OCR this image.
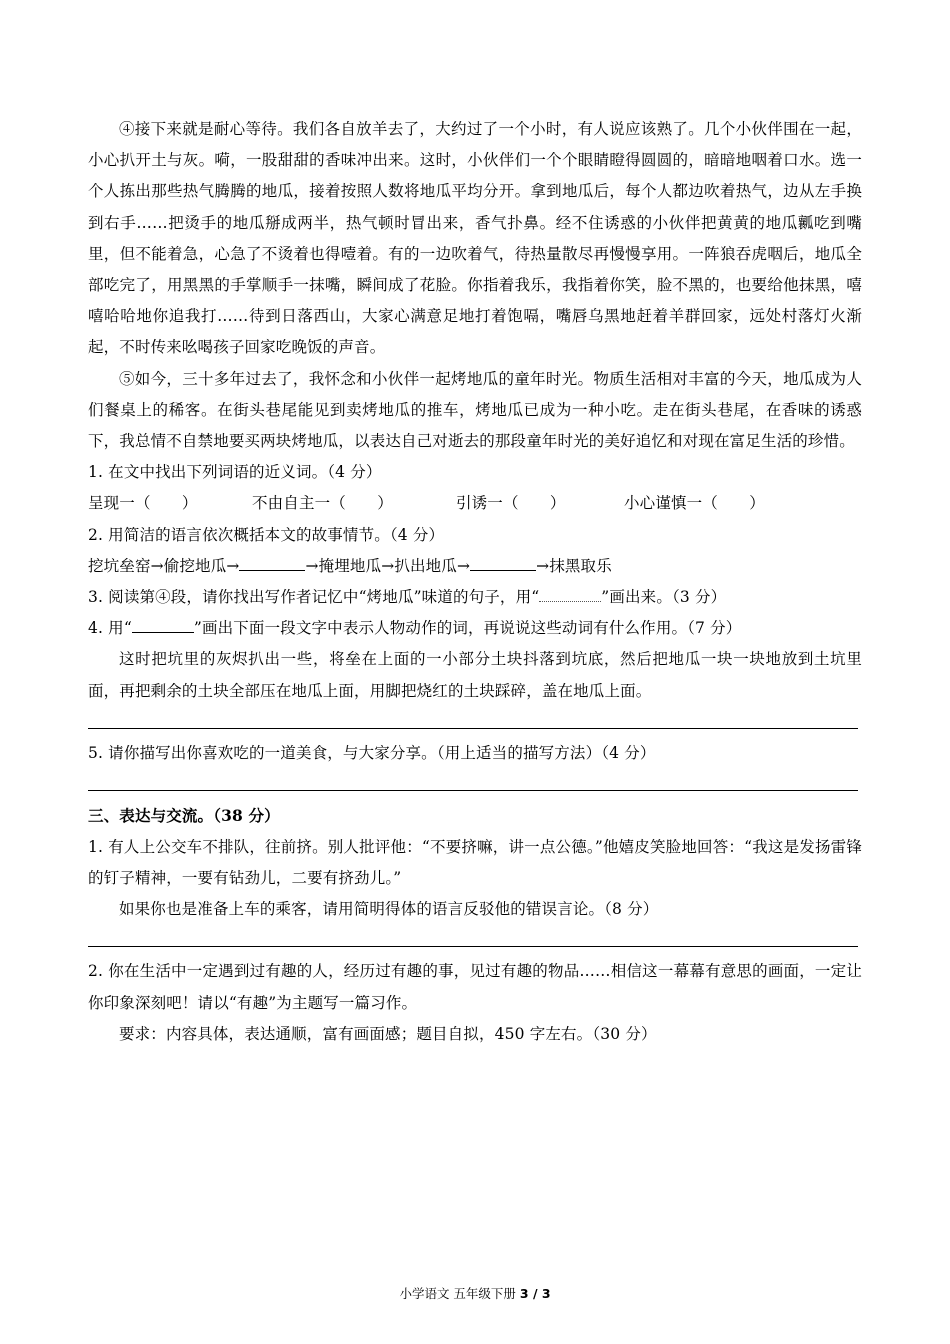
④接下来就是耐心等待。我们各自放羊去了，大约过了一个小时，有人说应该熟了。几个小伙伴围在一起，小心扒开土与灰。嗬，一股甜甜的香味冲出来。这时，小伙伴们一个个眼睛瞪得圆圆的，暗暗地咽着口水。选一个人拣出那些热气腾腾的地瓜，接着按照人数将地瓜平均分开。拿到地瓜后，每个人都边吹着热气，边从左手换到右手……把烫手的地瓜掰成两半，热气顿时冒出来，香气扑鼻。经不住诱惑的小伙伴把黄黄的地瓜瓤吃到嘴里，但不能着急，心急了不烫着也得噎着。有的一边吹着气，待热量散尽再慢慢享用。一阵狼吞虎咽后，地瓜全部吃完了，用黑黑的手掌顺手一抹嘴，瞬间成了花脸。你指着我乐，我指着你笑，脸不黑的，也要给他抹黑，嘻嘻哈哈地你追我打……待到日落西山，大家心满意足地打着饱嗝，嘴唇乌黑地赶着羊群回家，远处村落灯火渐起，不时传来吆喝孩子回家吃晚饭的声音。

⑤如今，三十多年过去了，我怀念和小伙伴一起烤地瓜的童年时光。物质生活相对丰富的今天，地瓜成为人们餐桌上的稀客。在街头巷尾能见到卖烤地瓜的推车，烤地瓜已成为一种小吃。走在街头巷尾，在香味的诱惑下，我总情不自禁地要买两块烤地瓜，以表达自己对逝去的那段童年时光的美好追忆和对现在富足生活的珍惜。

1. 在文中找出下列词语的近义词。（4 分）

呈现一（　　）	不由自主一（　　）	引诱一（　　）	小心谨慎一（　　）

2. 用简洁的语言依次概括本文的故事情节。（4 分）

挖坑垒窑→偷挖地瓜→	→掩埋地瓜→扒出地瓜→	→抹黑取乐

3. 阅读第④段，请你找出写作者记忆中“烤地瓜”味道的句子，用“	”画出来。（3 分）

4. 用“	”画出下面一段文字中表示人物动作的词，再说说这些动词有什么作用。（7 分）

这时把坑里的灰烬扒出一些，将垒在上面的一小部分土块抖落到坑底，然后把地瓜一块一块地放到土坑里面，再把剩余的土块全部压在地瓜上面，用脚把烧红的土块踩碎，盖在地瓜上面。

5. 请你描写出你喜欢吃的一道美食，与大家分享。（用上适当的描写方法）（4 分）

三、表达与交流。（38 分）

1. 有人上公交车不排队，往前挤。别人批评他：“不要挤嘛，讲一点公德。”他嬉皮笑脸地回答：“我这是发扬雷锋的钉子精神，一要有钻劲儿，二要有挤劲儿。”

如果你也是准备上车的乘客，请用简明得体的语言反驳他的错误言论。（8 分）

2. 你在生活中一定遇到过有趣的人，经历过有趣的事，见过有趣的物品……相信这一幕幕有意思的画面，一定让你印象深刻吧！请以“有趣”为主题写一篇习作。

要求：内容具体，表达通顺，富有画面感；题目自拟，450 字左右。（30 分）

小学语文 五年级下册 3 / 3
